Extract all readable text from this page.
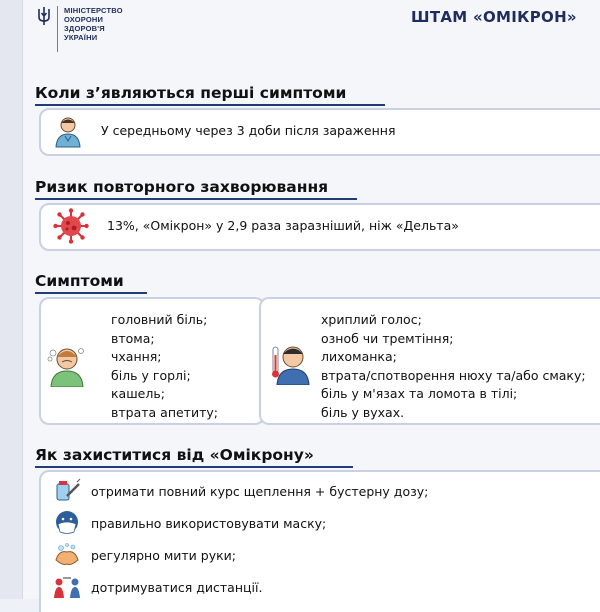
МІНІСТЕРСТВО
ОХОРОНИ
ЗДОРОВ'Я
УКРАЇНИ
ШТАМ «ОМІКРОН»
Коли з’являються перші симптоми
У середньому через 3 доби після зараження
Ризик повторного захворювання
13%, «Омікрон» у 2,9 раза заразніший, ніж «Дельта»
Симптоми
головний біль;
втома;
чхання;
біль у горлі;
кашель;
втрата апетиту;
хриплий голос;
озноб чи тремтіння;
лихоманка;
втрата/спотворення нюху та/або смаку;
біль у м'язах та ломота в тілі;
біль у вухах.
Як захиститися від «Омікрону»
отримати повний курс щеплення + бустерну дозу;
правильно використовувати маску;
регулярно мити руки;
дотримуватися дистанції.
